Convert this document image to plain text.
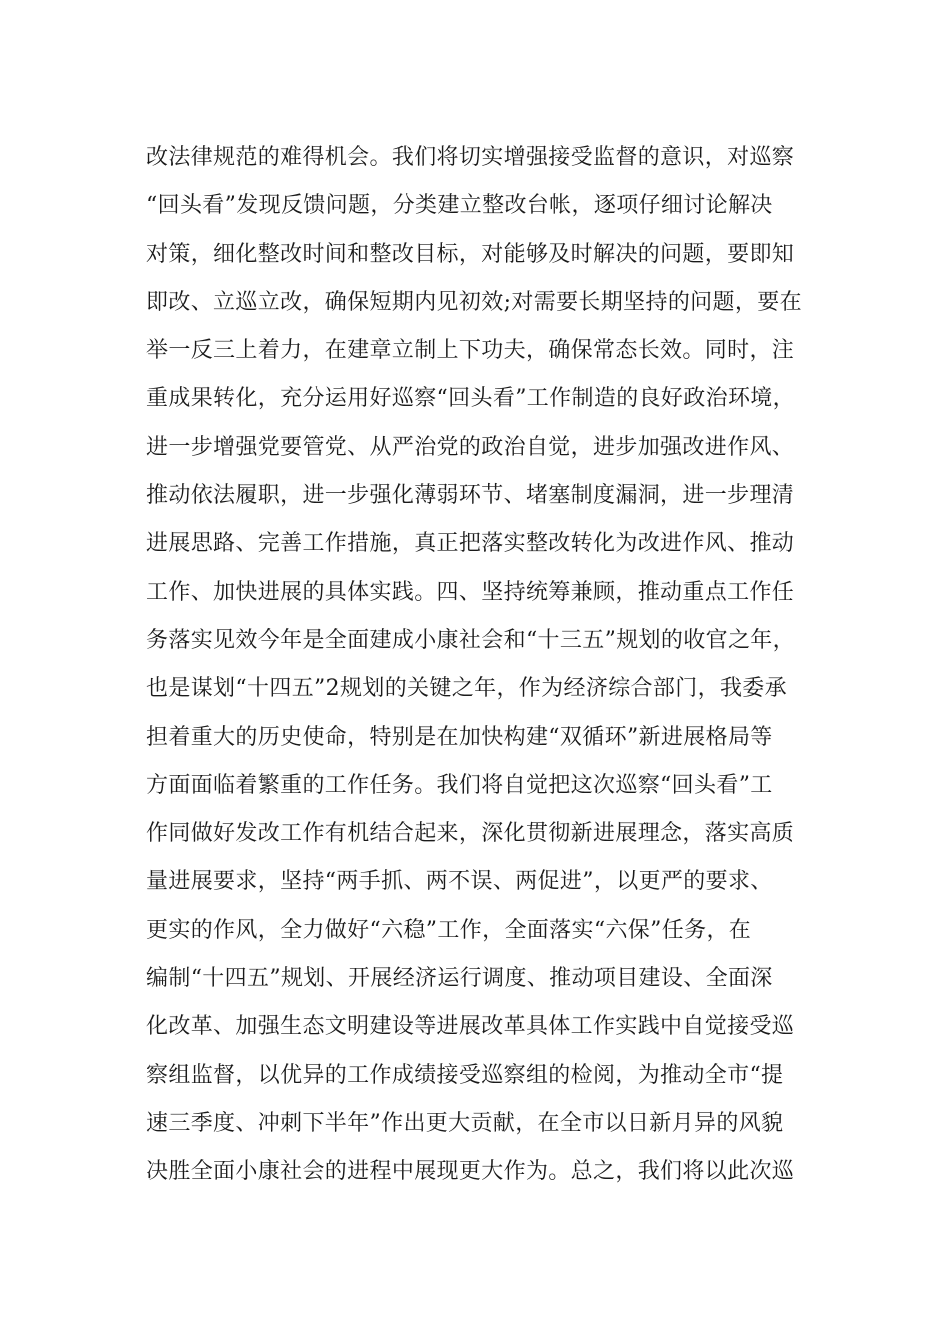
改法律规范的难得机会。我们将切实增强接受监督的意识，对巡察
“回头看”发现反馈问题，分类建立整改台帐，逐项仔细讨论解决
对策，细化整改时间和整改目标，对能够及时解决的问题，要即知
即改、立巡立改，确保短期内见初效;对需要长期坚持的问题，要在
举一反三上着力，在建章立制上下功夫，确保常态长效。同时，注
重成果转化，充分运用好巡察“回头看”工作制造的良好政治环境，
进一步增强党要管党、从严治党的政治自觉，进步加强改进作风、
推动依法履职，进一步强化薄弱环节、堵塞制度漏洞，进一步理清
进展思路、完善工作措施，真正把落实整改转化为改进作风、推动
工作、加快进展的具体实践。四、坚持统筹兼顾，推动重点工作任
务落实见效今年是全面建成小康社会和“十三五”规划的收官之年，
也是谋划“十四五”2规划的关键之年，作为经济综合部门，我委承
担着重大的历史使命，特别是在加快构建“双循环”新进展格局等
方面面临着繁重的工作任务。我们将自觉把这次巡察“回头看”工
作同做好发改工作有机结合起来，深化贯彻新进展理念，落实高质
量进展要求，坚持“两手抓、两不误、两促进”，以更严的要求、
更实的作风，全力做好“六稳”工作，全面落实“六保”任务，在
编制“十四五”规划、开展经济运行调度、推动项目建设、全面深
化改革、加强生态文明建设等进展改革具体工作实践中自觉接受巡
察组监督，以优异的工作成绩接受巡察组的检阅，为推动全市“提
速三季度、冲刺下半年”作出更大贡献，在全市以日新月异的风貌
决胜全面小康社会的进程中展现更大作为。总之，我们将以此次巡
